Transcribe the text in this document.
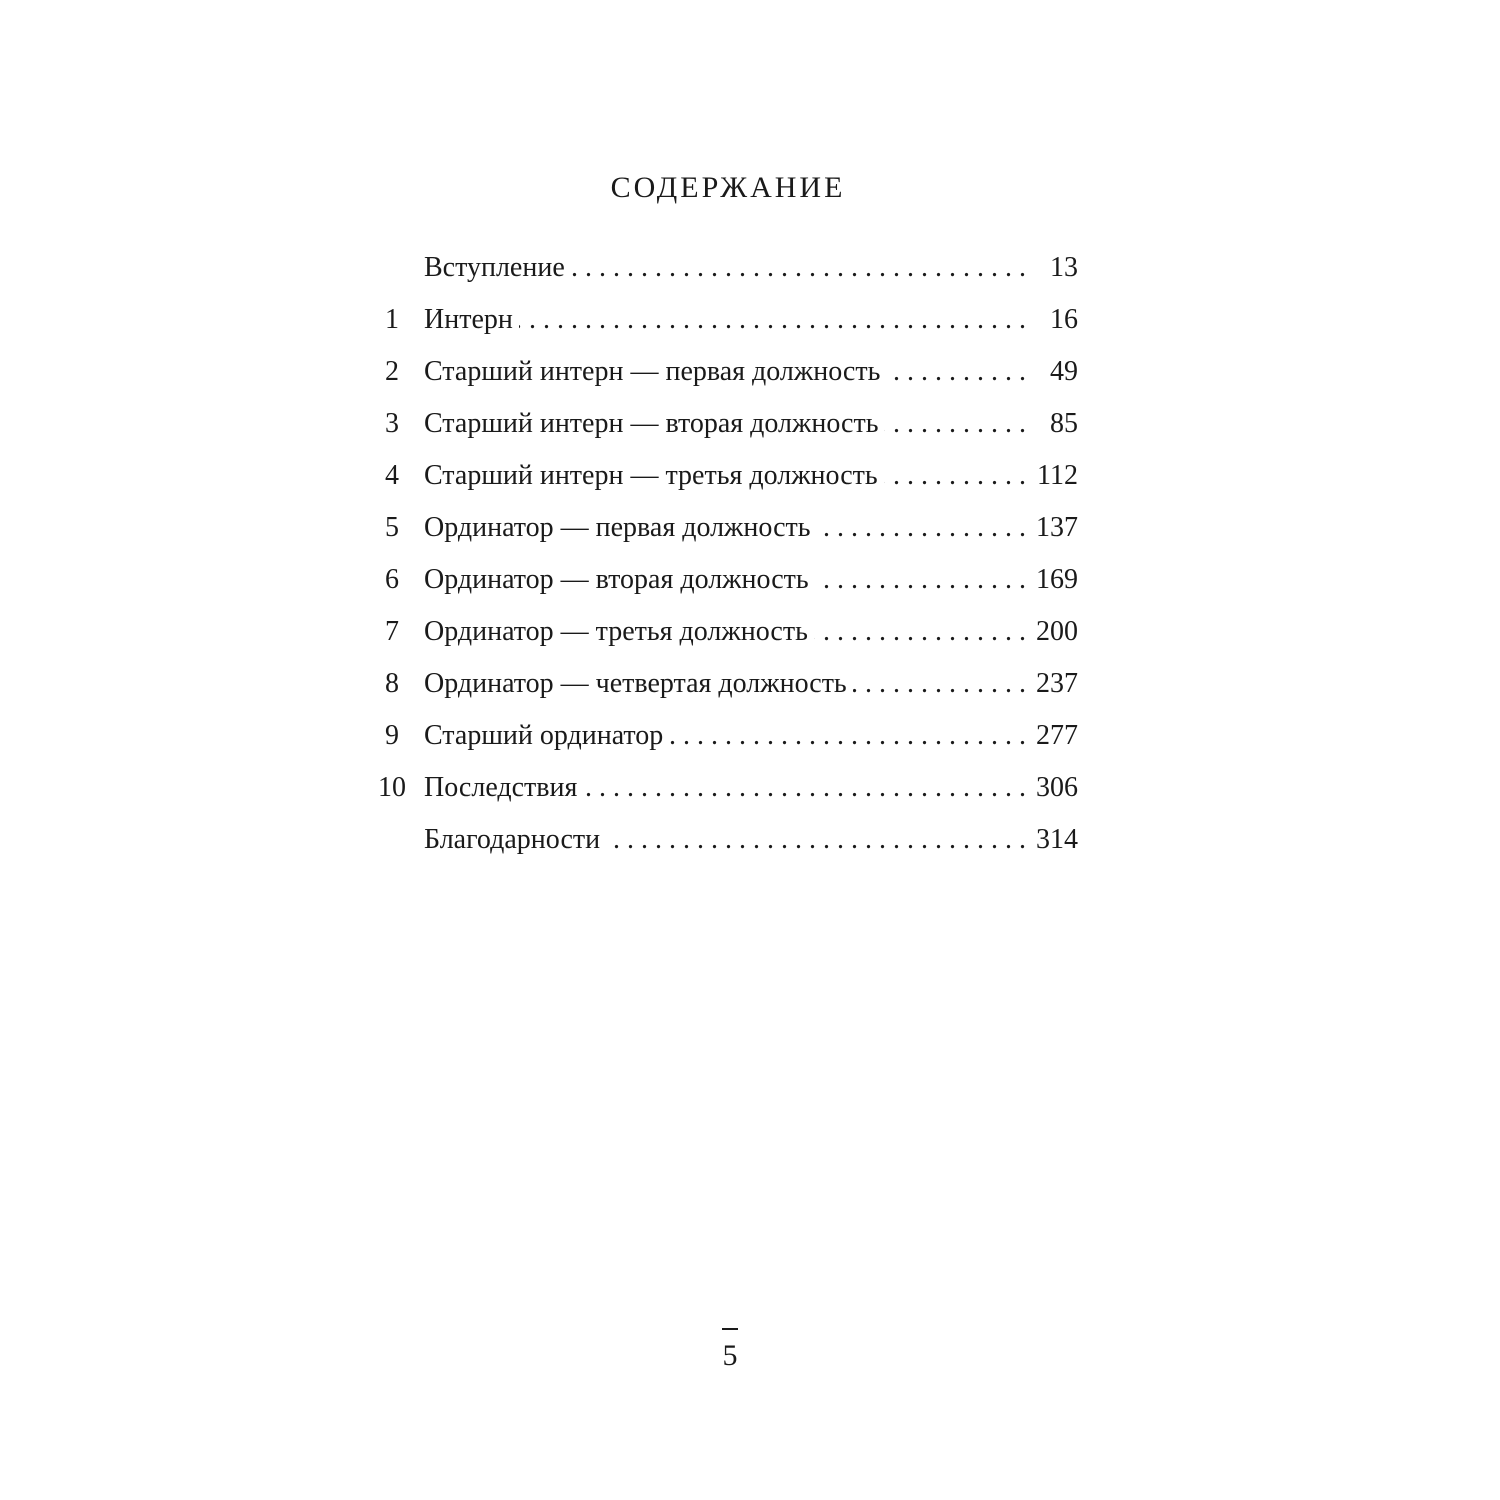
СОДЕРЖАНИЕ
Вступление . . .	13
1 Интерн . . .	16
2 Старший интерн — первая должность . . .	49
3 Старший интерн — вторая должность . . .	85
4 Старший интерн — третья должность . . .	112
5 Ординатор — первая должность . . .	137
6 Ординатор — вторая должность . . .	169
7 Ординатор — третья должность . . .	200
8 Ординатор — четвертая должность . . .	237
9 Старший ординатор . . .	277
10 Последствия . . .	306
Благодарности . . .	314
5
